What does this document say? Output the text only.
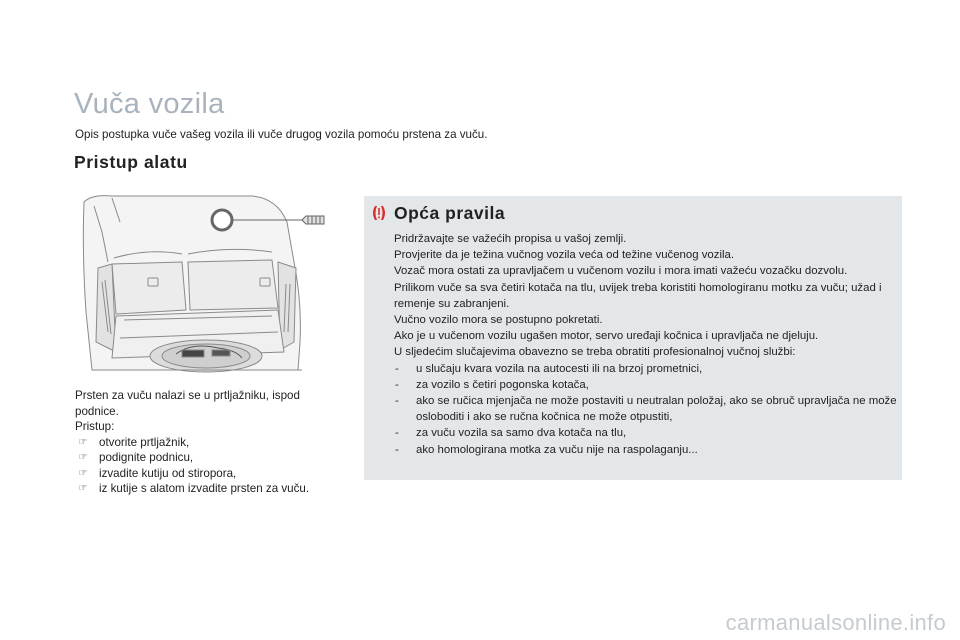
Vuča vozila
Opis postupka vuče vašeg vozila ili vuče drugog vozila pomoću prstena za vuču.
Pristup alatu

Prsten za vuču nalazi se u prtljažniku, ispod podnice.

Pristup:

☞ otvorite prtljažnik,
☞ podignite podnicu,
☞ izvadite kutiju od stiropora,
☞ iz kutije s alatom izvadite prsten za vuču.
Opća pravila

Pridržavajte se važećih propisa u vašoj zemlji.

Provjerite da je težina vučnog vozila veća od težine vučenog vozila.

Vozač mora ostati za upravljačem u vučenom vozilu i mora imati važeću vozačku dozvolu.

Prilikom vuče sa sva četiri kotača na tlu, uvijek treba koristiti homologiranu motku za vuču; užad i remenje su zabranjeni.

Vučno vozilo mora se postupno pokretati.

Ako je u vučenom vozilu ugašen motor, servo uređaji kočnica i upravljača ne djeluju.

U sljedećim slučajevima obavezno se treba obratiti profesionalnoj vučnoj službi:

- u slučaju kvara vozila na autocesti ili na brzoj prometnici,
- za vozilo s četiri pogonska kotača,
- ako se ručica mjenjača ne može postaviti u neutralan položaj, ako se obruč upravljača ne može osloboditi i ako se ručna kočnica ne može otpustiti,
- za vuču vozila sa samo dva kotača na tlu,
- ako homologirana motka za vuču nije na raspolaganju...
carmanualsonline.info
